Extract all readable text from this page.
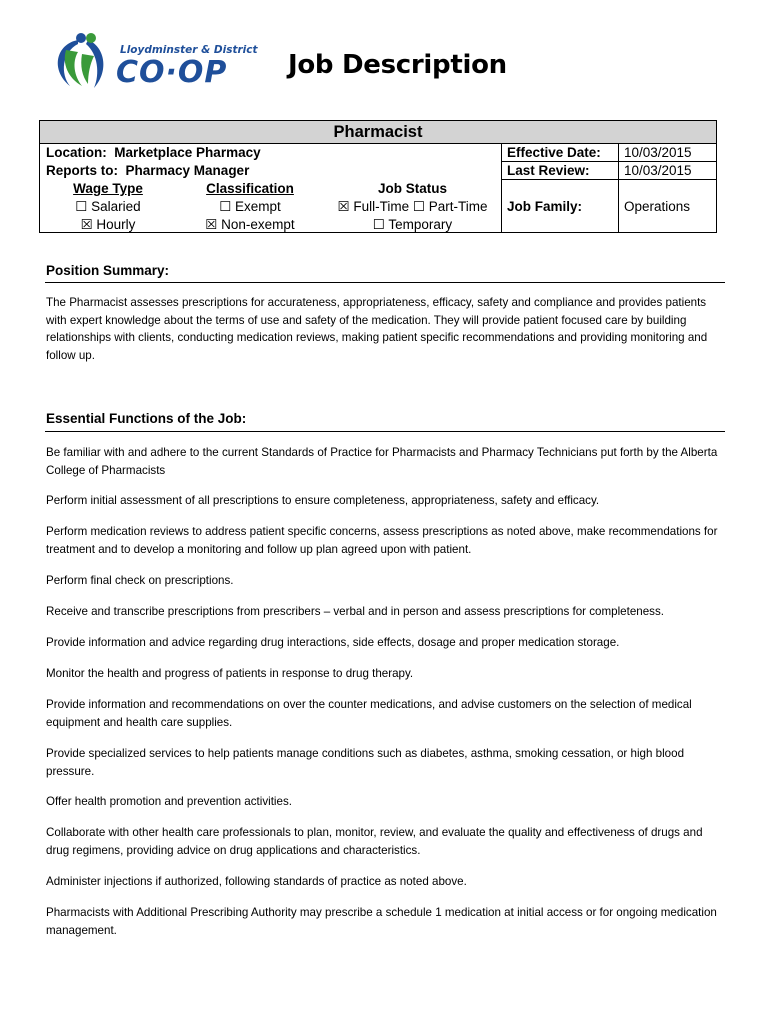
Lloydminster & District
CO·OP Job Description
Pharmacist
Location: Marketplace Pharmacy
Reports to: Pharmacy Manager
Wage Type
☐ Salaried
☒ Hourly
Classification
☐ Exempt
☒ Non-exempt
Job Status
☒ Full-Time ☐ Part-Time
☐ Temporary
Effective Date: 10/03/2015
Last Review:	10/03/2015
Job Family:	Operations
Position Summary:
The Pharmacist assesses prescriptions for accurateness, appropriateness, efficacy, safety and compliance and provides patients with expert knowledge about the terms of use and safety of the medication. They will provide patient focused care by building relationships with clients, conducting medication reviews, making patient specific recommendations and providing monitoring and follow up.
Essential Functions of the Job:
Be familiar with and adhere to the current Standards of Practice for Pharmacists and Pharmacy Technicians put forth by the Alberta College of Pharmacists
Perform initial assessment of all prescriptions to ensure completeness, appropriateness, safety and efficacy.
Perform medication reviews to address patient specific concerns, assess prescriptions as noted above, make recommendations for treatment and to develop a monitoring and follow up plan agreed upon with patient.
Perform final check on prescriptions.
Receive and transcribe prescriptions from prescribers – verbal and in person and assess prescriptions for completeness.
Provide information and advice regarding drug interactions, side effects, dosage and proper medication storage.
Monitor the health and progress of patients in response to drug therapy.
Provide information and recommendations on over the counter medications, and advise customers on the selection of medical equipment and health care supplies.
Provide specialized services to help patients manage conditions such as diabetes, asthma, smoking cessation, or high blood pressure.
Offer health promotion and prevention activities.
Collaborate with other health care professionals to plan, monitor, review, and evaluate the quality and effectiveness of drugs and drug regimens, providing advice on drug applications and characteristics.
Administer injections if authorized, following standards of practice as noted above.
Pharmacists with Additional Prescribing Authority may prescribe a schedule 1 medication at initial access or for ongoing medication management.
